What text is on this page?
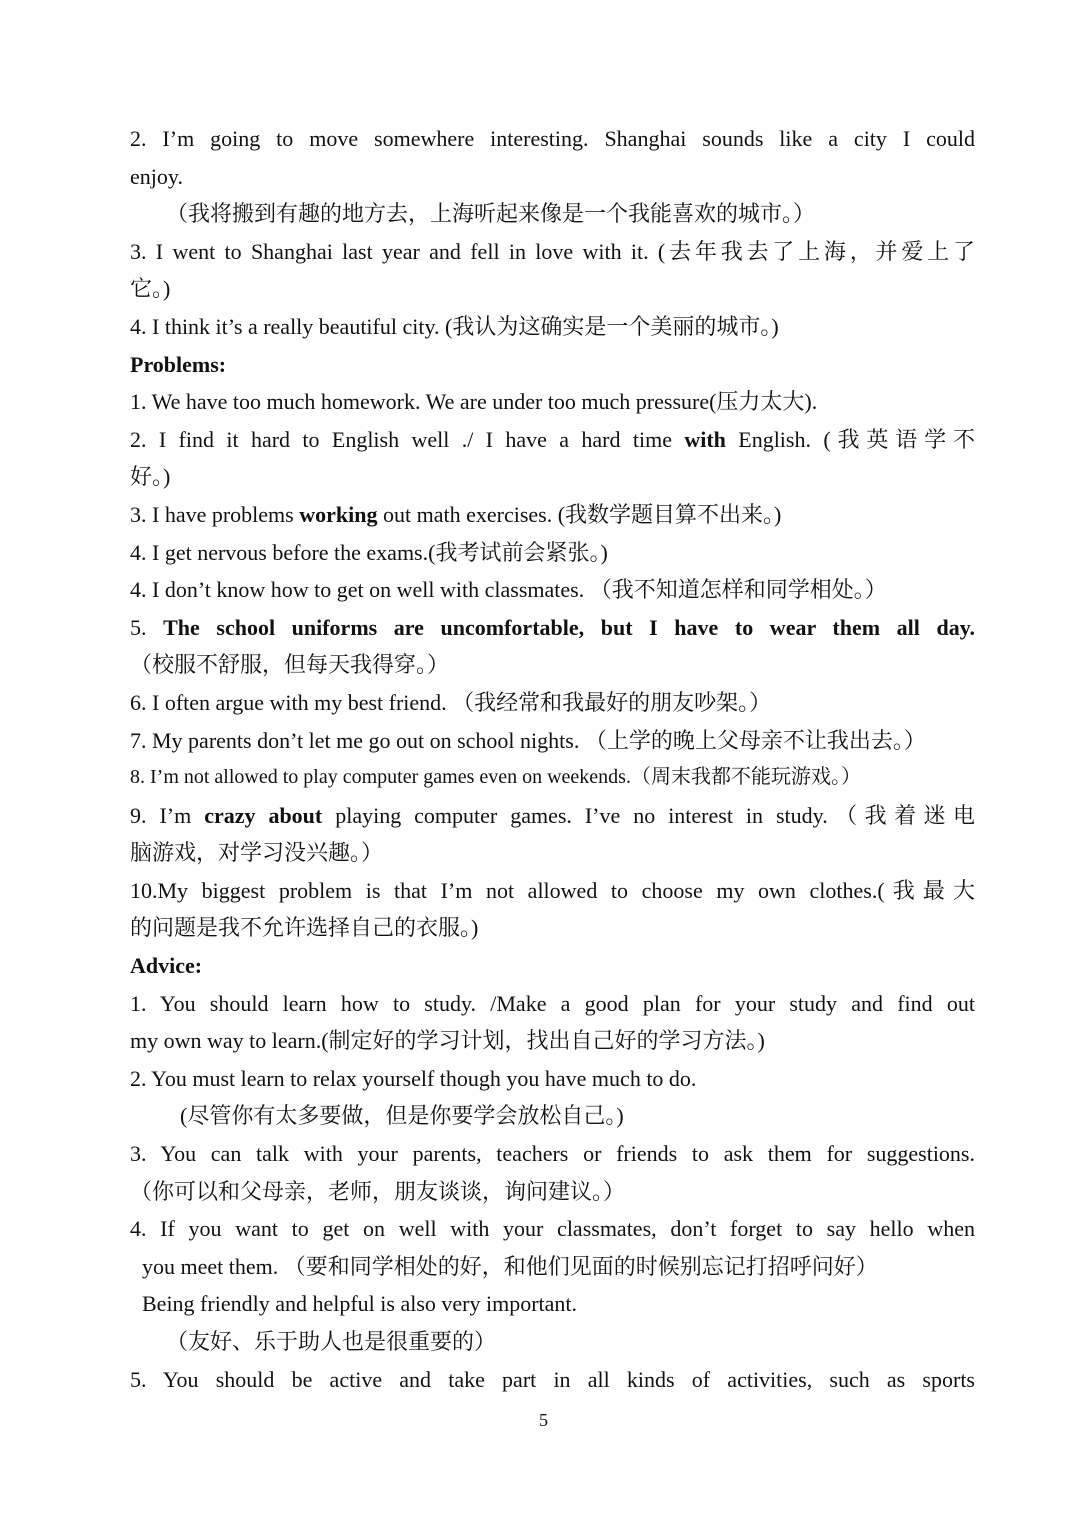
2. I’m going to move somewhere interesting. Shanghai sounds like a city I could
enjoy.
（我将搬到有趣的地方去，上海听起来像是一个我能喜欢的城市。）
3. I went to Shanghai last year and fell in love with it. (去年我去了上海，并爱上了
它。)
4. I think it’s a really beautiful city. (我认为这确实是一个美丽的城市。)
Problems:
1. We have too much homework. We are under too much pressure(压力太大).
2. I find it hard to English well ./ I have a hard time with English. (我英语学不
好。)
3. I have problems working out math exercises. (我数学题目算不出来。)
4. I get nervous before the exams.(我考试前会紧张。)
4. I don’t know how to get on well with classmates. （我不知道怎样和同学相处。）
5. The school uniforms are uncomfortable, but I have to wear them all day.
（校服不舒服，但每天我得穿。）
6. I often argue with my best friend. （我经常和我最好的朋友吵架。）
7. My parents don’t let me go out on school nights. （上学的晚上父母亲不让我出去。）
8. I’m not allowed to play computer games even on weekends.（周末我都不能玩游戏。）
9. I’m crazy about playing computer games. I’ve no interest in study.（我着迷电
脑游戏，对学习没兴趣。）
10.My biggest problem is that I’m not allowed to choose my own clothes.(我最大
的问题是我不允许选择自己的衣服。)
Advice:
1. You should learn how to study. /Make a good plan for your study and find out
my own way to learn.(制定好的学习计划，找出自己好的学习方法。)
2. You must learn to relax yourself though you have much to do.
(尽管你有太多要做，但是你要学会放松自己。)
3. You can talk with your parents, teachers or friends to ask them for suggestions.
（你可以和父母亲，老师，朋友谈谈，询问建议。）
4. If you want to get on well with your classmates, don’t forget to say hello when
you meet them. （要和同学相处的好，和他们见面的时候别忘记打招呼问好）
Being friendly and helpful is also very important.
（友好、乐于助人也是很重要的）
5. You should be active and take part in all kinds of activities, such as sports
5
